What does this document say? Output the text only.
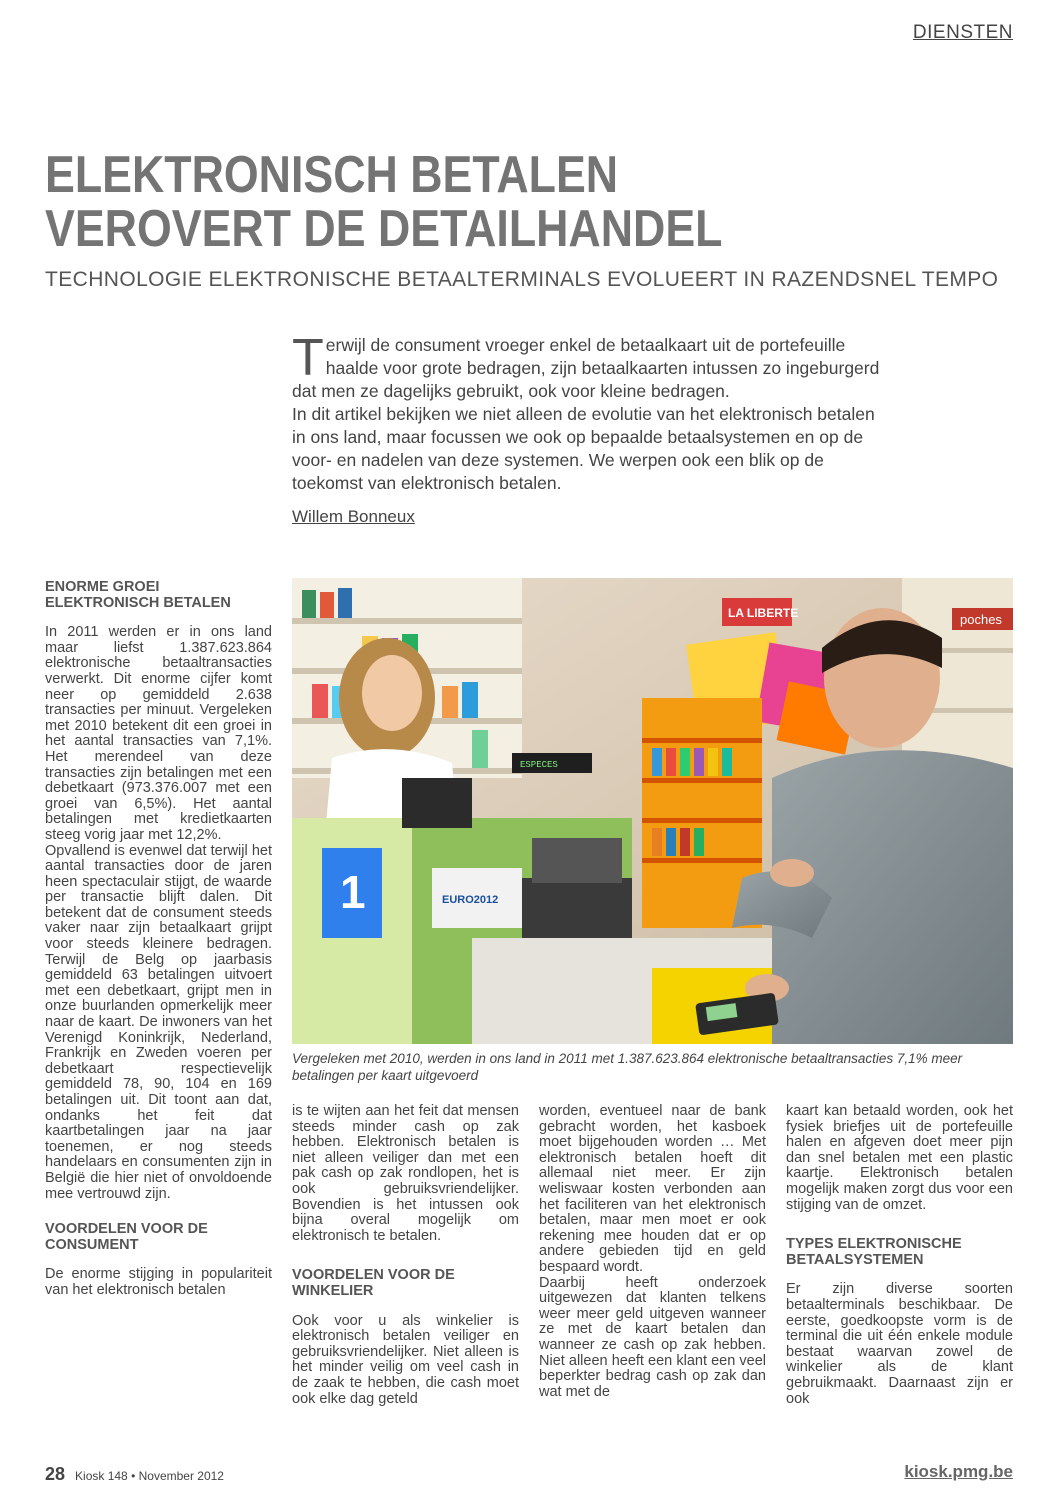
DIENSTEN
ELEKTRONISCH BETALEN
VEROVERT DE DETAILHANDEL
TECHNOLOGIE ELEKTRONISCHE BETAALTERMINALS EVOLUEERT IN RAZENDSNEL TEMPO

Terwijl de consument vroeger enkel de betaalkaart uit de portefeuille haalde voor grote bedragen, zijn betaalkaarten intussen zo ingeburgerd dat men ze dagelijks gebruikt, ook voor kleine bedragen.

In dit artikel bekijken we niet alleen de evolutie van het elektronisch betalen in ons land, maar focussen we ook op bepaalde betaalsystemen en op de voor- en nadelen van deze systemen. We werpen ook een blik op de toekomst van elektronisch betalen.

Willem Bonneux
ENORME GROEI ELEKTRONISCH BETALEN

In 2011 werden er in ons land maar liefst 1.387.623.864 elektronische betaaltransacties verwerkt. Dit enorme cijfer komt neer op gemiddeld 2.638 transacties per minuut. Vergeleken met 2010 betekent dit een groei in het aantal transacties van 7,1%. Het merendeel van deze transacties zijn betalingen met een debetkaart (973.376.007 met een groei van 6,5%). Het aantal betalingen met kredietkaarten steeg vorig jaar met 12,2%.

Opvallend is evenwel dat terwijl het aantal transacties door de jaren heen spectaculair stijgt, de waarde per transactie blijft dalen. Dit betekent dat de consument steeds vaker naar zijn betaalkaart grijpt voor steeds kleinere bedragen. Terwijl de Belg op jaarbasis gemiddeld 63 betalingen uitvoert met een debetkaart, grijpt men in onze buurlanden opmerkelijk meer naar de kaart. De inwoners van het Verenigd Koninkrijk, Nederland, Frankrijk en Zweden voeren per debetkaart respectievelijk gemiddeld 78, 90, 104 en 169 betalingen uit. Dit toont aan dat, ondanks het feit dat kaartbetalingen jaar na jaar toenemen, er nog steeds handelaars en consumenten zijn in België die hier niet of onvoldoende mee vertrouwd zijn.

VOORDELEN VOOR DE CONSUMENT

De enorme stijging in populariteit van het elektronisch betalen

poches
LA LIBERTE
1	EURO2012
ESPECES
Vergeleken met 2010, werden in ons land in 2011 met 1.387.623.864 elektronische betaaltransacties 7,1% meer betalingen per kaart uitgevoerd

is te wijten aan het feit dat mensen steeds minder cash op zak hebben. Elektronisch betalen is niet alleen veiliger dan met een pak cash op zak rondlopen, het is ook gebruiksvriendelijker. Bovendien is het intussen ook bijna overal mogelijk om elektronisch te betalen.

VOORDELEN VOOR DE WINKELIER

Ook voor u als winkelier is elektronisch betalen veiliger en gebruiksvriendelijker. Niet alleen is het minder veilig om veel cash in de zaak te hebben, die cash moet ook elke dag geteld

worden, eventueel naar de bank gebracht worden, het kasboek moet bijgehouden worden … Met elektronisch betalen hoeft dit allemaal niet meer. Er zijn weliswaar kosten verbonden aan het faciliteren van het elektronisch betalen, maar men moet er ook rekening mee houden dat er op andere gebieden tijd en geld bespaard wordt.

Daarbij heeft onderzoek uitgewezen dat klanten telkens weer meer geld uitgeven wanneer ze met de kaart betalen dan wanneer ze cash op zak hebben. Niet alleen heeft een klant een veel beperkter bedrag cash op zak dan wat met de

kaart kan betaald worden, ook het fysiek briefjes uit de portefeuille halen en afgeven doet meer pijn dan snel betalen met een plastic kaartje. Elektronisch betalen mogelijk maken zorgt dus voor een stijging van de omzet.

TYPES ELEKTRONISCHE BETAALSYSTEMEN

Er zijn diverse soorten betaalterminals beschikbaar. De eerste, goedkoopste vorm is de terminal die uit één enkele module bestaat waarvan zowel de winkelier als de klant gebruikmaakt. Daarnaast zijn er ook

28 Kiosk 148 • November 2012	kiosk.pmg.be
